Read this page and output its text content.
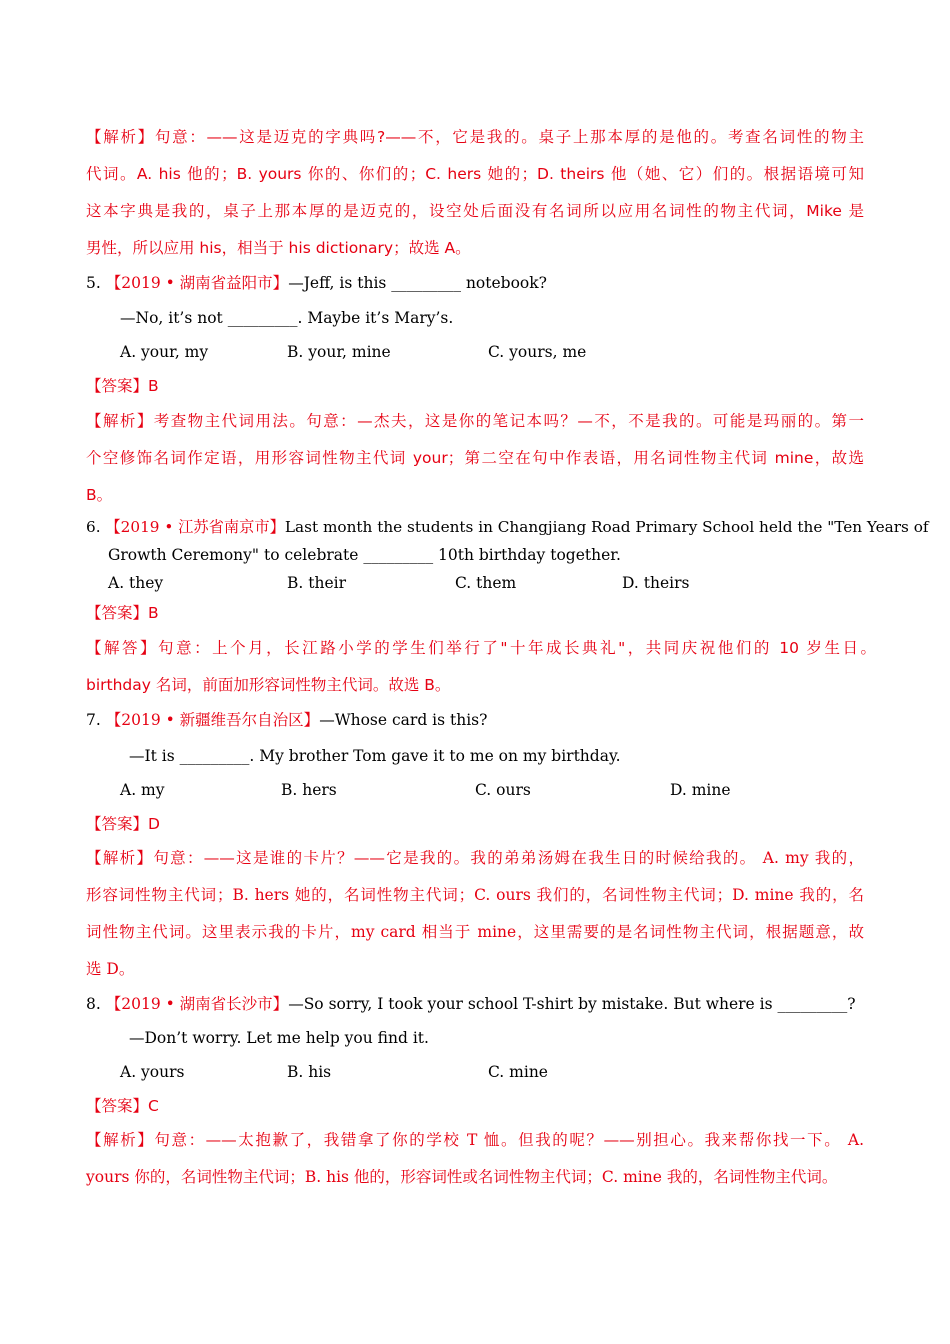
【解析】句意：——这是迈克的字典吗?——不，它是我的。桌子上那本厚的是他的。考查名词性的物主
代词。A. his 他的；B. yours 你的、你们的；C. hers 她的；D. theirs 他（她、它）们的。根据语境可知
这本字典是我的，桌子上那本厚的是迈克的，设空处后面没有名词所以应用名词性的物主代词，Mike 是
男性，所以应用 his，相当于 his dictionary；故选 A。
5. 【2019 • 湖南省益阳市】—Jeff, is this _________ notebook?
—No, it’s not _________. Maybe it’s Mary’s.
A. your, my	B. your, mine	C. yours, me
【答案】B
【解析】考查物主代词用法。句意：—杰夫，这是你的笔记本吗？—不，不是我的。可能是玛丽的。第一
个空修饰名词作定语，用形容词性物主代词 your；第二空在句中作表语，用名词性物主代词 mine，故选
B。
6. 【2019 • 江苏省南京市】Last month the students in Changjiang Road Primary School held the "Ten Years of
Growth Ceremony" to celebrate _________ 10th birthday together.
A. they	B. their	C. them	D. theirs
【答案】B
【解答】句意：上个月，长江路小学的学生们举行了"十年成长典礼"，共同庆祝他们的 10 岁生日。
birthday 名词，前面加形容词性物主代词。故选 B。
7. 【2019 • 新疆维吾尔自治区】—Whose card is this?
—It is _________. My brother Tom gave it to me on my birthday.
A. my	B. hers	C. ours	D. mine
【答案】D
【解析】句意：——这是谁的卡片？——它是我的。我的弟弟汤姆在我生日的时候给我的。 A. my 我的，
形容词性物主代词；B. hers 她的，名词性物主代词；C. ours 我们的，名词性物主代词；D. mine 我的，名
词性物主代词。这里表示我的卡片，my card 相当于 mine，这里需要的是名词性物主代词，根据题意，故
选 D。
8. 【2019 • 湖南省长沙市】—So sorry, I took your school T-shirt by mistake. But where is _________?
—Don’t worry. Let me help you find it.
A. yours	B. his	C. mine
【答案】C
【解析】句意：——太抱歉了，我错拿了你的学校 T 恤。但我的呢？——别担心。我来帮你找一下。 A.
yours 你的，名词性物主代词；B. his 他的，形容词性或名词性物主代词；C. mine 我的，名词性物主代词。
